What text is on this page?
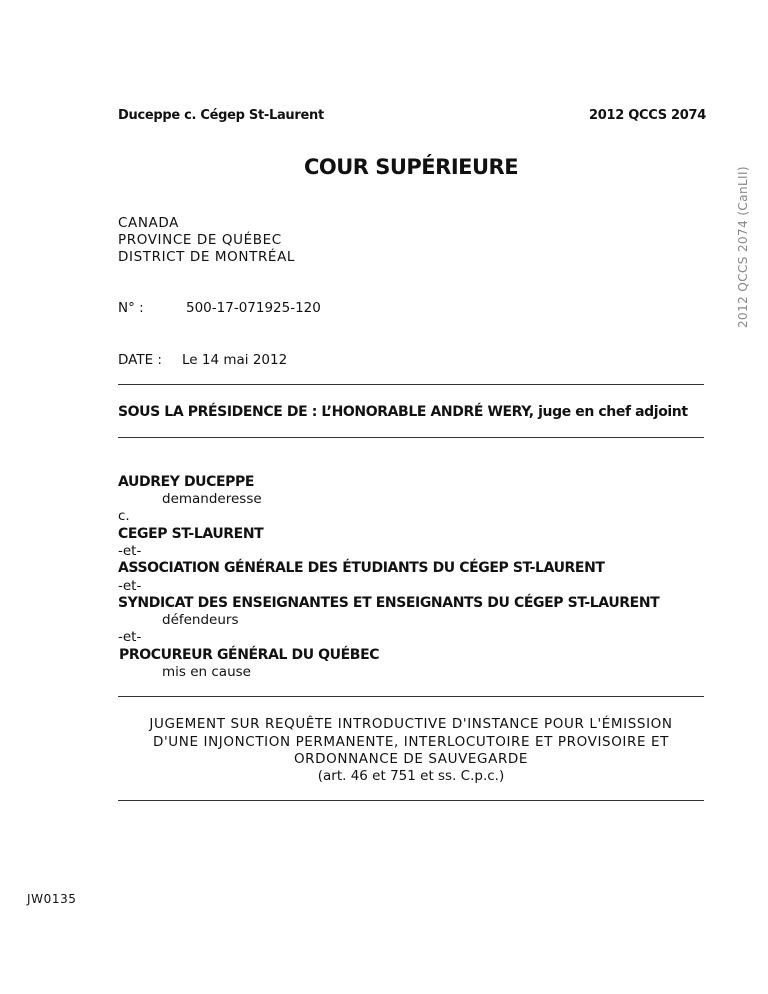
Duceppe c. Cégep St-Laurent	2012 QCCS 2074
COUR SUPÉRIEURE	2012 QCCS 2074 (CanLII)
CANADA
PROVINCE DE QUÉBEC
DISTRICT DE MONTRÉAL
N° :	500-17-071925-120
DATE : Le 14 mai 2012
SOUS LA PRÉSIDENCE DE : L’HONORABLE ANDRÉ WERY, juge en chef adjoint
AUDREY DUCEPPE
demanderesse
c.
CEGEP ST-LAURENT
-et-
ASSOCIATION GÉNÉRALE DES ÉTUDIANTS DU CÉGEP ST-LAURENT
-et-
SYNDICAT DES ENSEIGNANTES ET ENSEIGNANTS DU CÉGEP ST-LAURENT
défendeurs
-et-
PROCUREUR GÉNÉRAL DU QUÉBEC
mis en cause
JUGEMENT SUR REQUÊTE INTRODUCTIVE D'INSTANCE POUR L'ÉMISSION
D'UNE INJONCTION PERMANENTE, INTERLOCUTOIRE ET PROVISOIRE ET
ORDONNANCE DE SAUVEGARDE
(art. 46 et 751 et ss. C.p.c.)
JW0135
